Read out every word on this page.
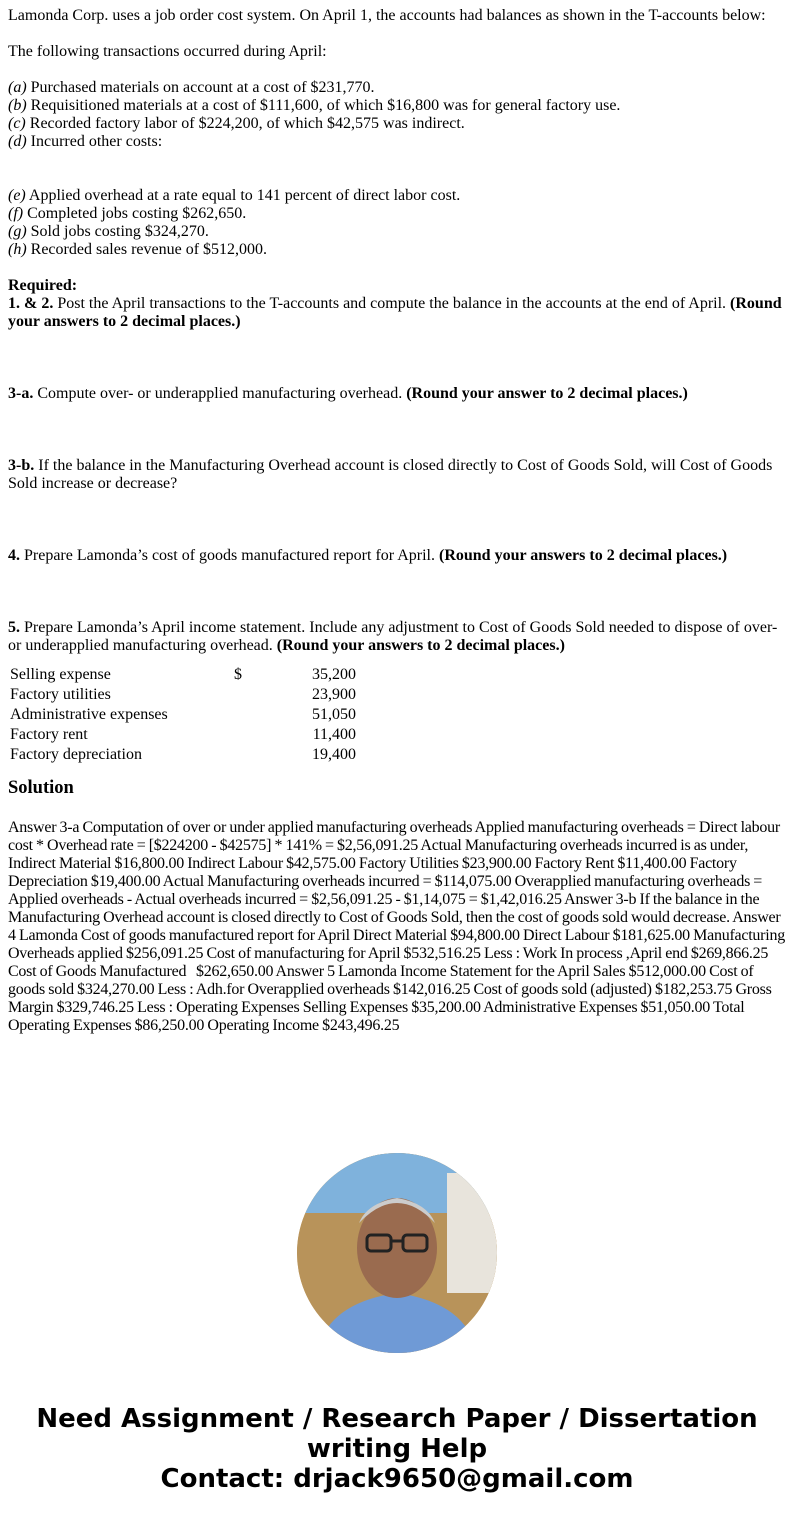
Lamonda Corp. uses a job order cost system. On April 1, the accounts had balances as shown in the T-accounts below:

The following transactions occurred during April:

(a) Purchased materials on account at a cost of $231,770.

(b) Requisitioned materials at a cost of $111,600, of which $16,800 was for general factory use.

(c) Recorded factory labor of $224,200, of which $42,575 was indirect.

(d) Incurred other costs:

(e) Applied overhead at a rate equal to 141 percent of direct labor cost.

(f) Completed jobs costing $262,650.

(g) Sold jobs costing $324,270.

(h) Recorded sales revenue of $512,000.

Required:

1. & 2. Post the April transactions to the T-accounts and compute the balance in the accounts at the end of April. (Round your answers to 2 decimal places.)

3-a. Compute over- or underapplied manufacturing overhead. (Round your answer to 2 decimal places.)

3-b. If the balance in the Manufacturing Overhead account is closed directly to Cost of Goods Sold, will Cost of Goods Sold increase or decrease?

4. Prepare Lamonda’s cost of goods manufactured report for April. (Round your answers to 2 decimal places.)

5. Prepare Lamonda’s April income statement. Include any adjustment to Cost of Goods Sold needed to dispose of over- or underapplied manufacturing overhead. (Round your answers to 2 decimal places.)

Selling expense	$	35,200
Factory utilities		23,900
Administrative expenses		51,050
Factory rent		11,400
Factory depreciation		19,400
Solution

Answer 3-a Computation of over or under applied manufacturing overheads Applied manufacturing overheads = Direct labour cost * Overhead rate = [$224200 - $42575] * 141% = $2,56,091.25 Actual Manufacturing overheads incurred is as under, Indirect Material $16,800.00 Indirect Labour $42,575.00 Factory Utilities $23,900.00 Factory Rent $11,400.00 Factory Depreciation $19,400.00 Actual Manufacturing overheads incurred = $114,075.00 Overapplied manufacturing overheads = Applied overheads - Actual overheads incurred = $2,56,091.25 - $1,14,075 = $1,42,016.25 Answer 3-b If the balance in the Manufacturing Overhead account is closed directly to Cost of Goods Sold, then the cost of goods sold would decrease. Answer 4 Lamonda Cost of goods manufactured report for April Direct Material $94,800.00 Direct Labour $181,625.00 Manufacturing Overheads applied $256,091.25 Cost of manufacturing for April $532,516.25 Less : Work In process ,April end $269,866.25 Cost of Goods Manufactured   $262,650.00 Answer 5 Lamonda Income Statement for the April Sales $512,000.00 Cost of goods sold $324,270.00 Less : Adh.for Overapplied overheads $142,016.25 Cost of goods sold (adjusted) $182,253.75 Gross Margin $329,746.25 Less : Operating Expenses Selling Expenses $35,200.00 Administrative Expenses $51,050.00 Total Operating Expenses $86,250.00 Operating Income $243,496.25

Need Assignment / Research Paper / Dissertation writing Help
Contact: drjack9650@gmail.com
